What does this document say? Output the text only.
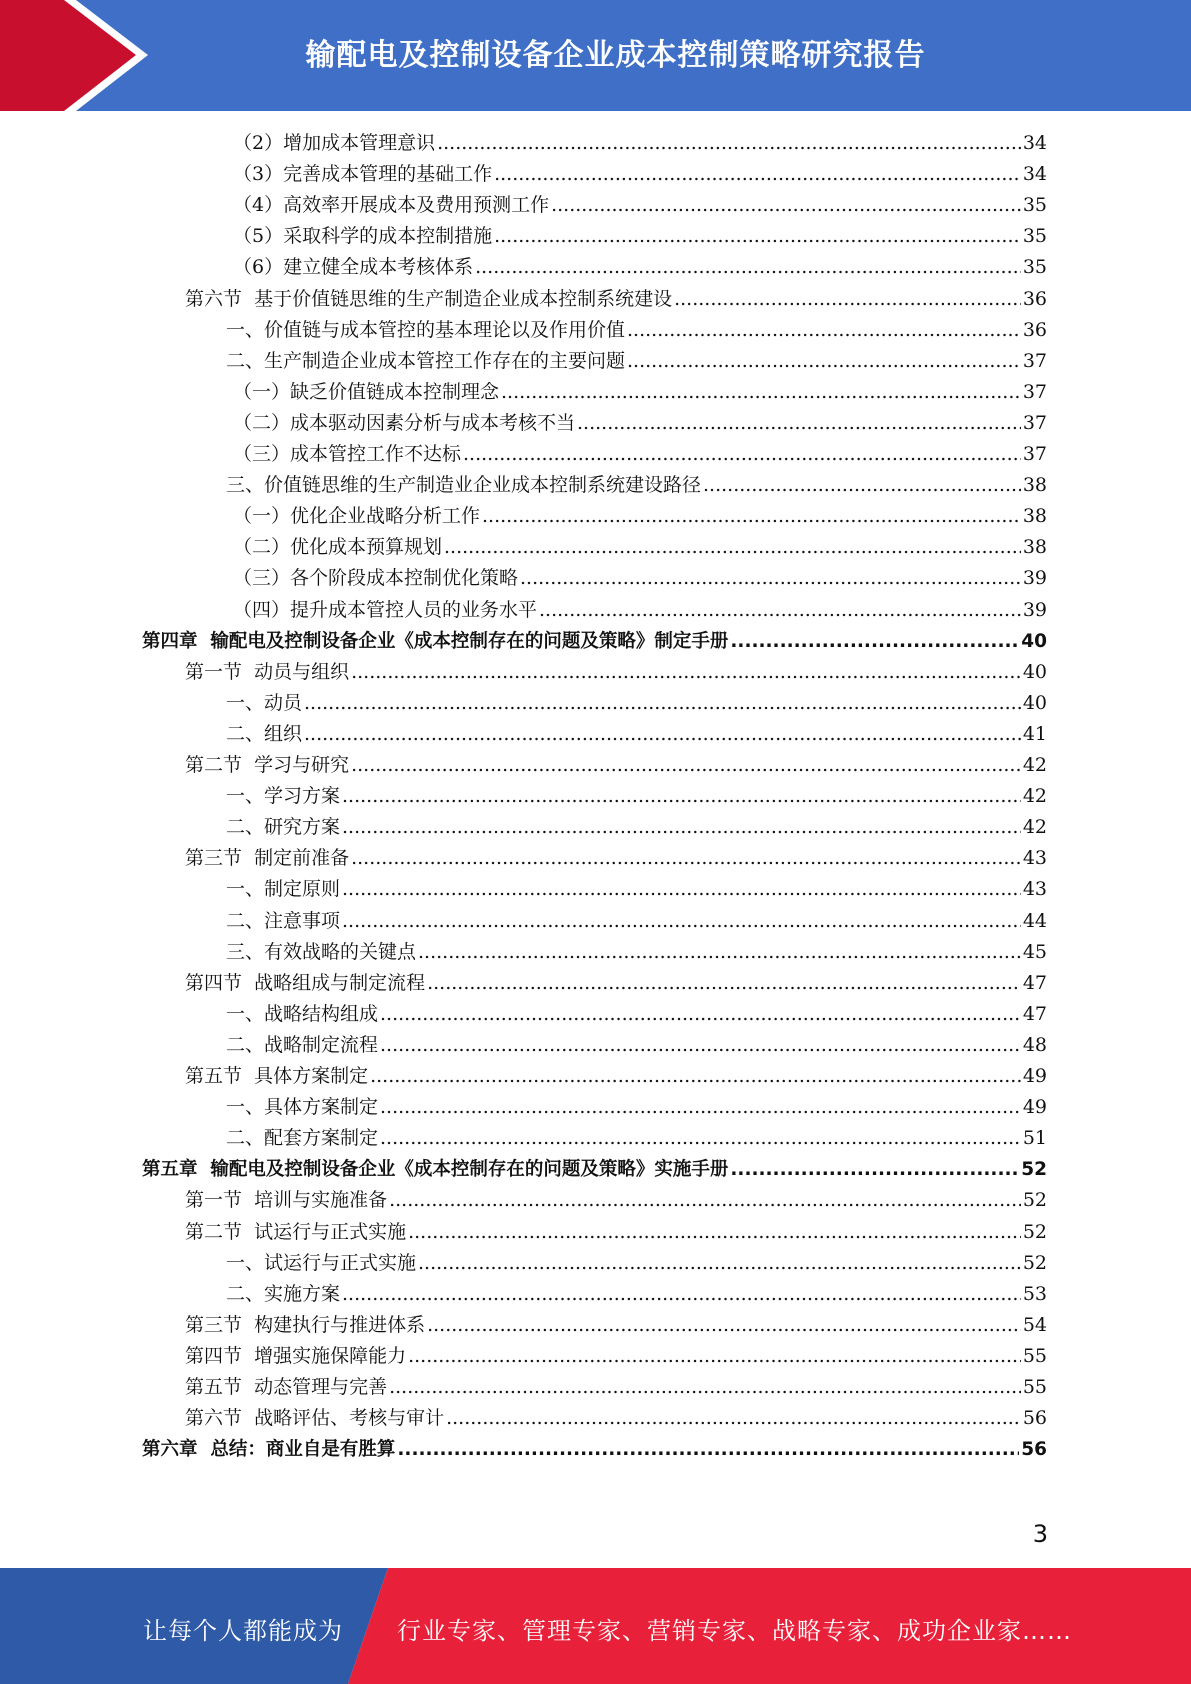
输配电及控制设备企业成本控制策略研究报告
（2）增加成本管理意识 .....	34
（3）完善成本管理的基础工作 .....	34
（4）高效率开展成本及费用预测工作 .....	35
（5）采取科学的成本控制措施 .....	35
（6）建立健全成本考核体系 .....	35
第六节  基于价值链思维的生产制造企业成本控制系统建设 .....	36
一、价值链与成本管控的基本理论以及作用价值 .....	36
二、生产制造企业成本管控工作存在的主要问题 .....	37
（一）缺乏价值链成本控制理念 .....	37
（二）成本驱动因素分析与成本考核不当 .....	37
（三）成本管控工作不达标 .....	37
三、价值链思维的生产制造业企业成本控制系统建设路径 .....	38
（一）优化企业战略分析工作 .....	38
（二）优化成本预算规划 .....	38
（三）各个阶段成本控制优化策略 .....	39
（四）提升成本管控人员的业务水平 .....	39
第四章  输配电及控制设备企业《成本控制存在的问题及策略》制定手册 .....	40
第一节  动员与组织 .....	40
一、动员 .....	40
二、组织 .....	41
第二节  学习与研究 .....	42
一、学习方案 .....	42
二、研究方案 .....	42
第三节  制定前准备 .....	43
一、制定原则 .....	43
二、注意事项 .....	44
三、有效战略的关键点 .....	45
第四节  战略组成与制定流程 .....	47
一、战略结构组成 .....	47
二、战略制定流程 .....	48
第五节  具体方案制定 .....	49
一、具体方案制定 .....	49
二、配套方案制定 .....	51
第五章  输配电及控制设备企业《成本控制存在的问题及策略》实施手册 .....	52
第一节  培训与实施准备 .....	52
第二节  试运行与正式实施 .....	52
一、试运行与正式实施 .....	52
二、实施方案 .....	53
第三节  构建执行与推进体系 .....	54
第四节  增强实施保障能力 .....	55
第五节  动态管理与完善 .....	55
第六节  战略评估、考核与审计 .....	56
第六章  总结：商业自是有胜算 .....	56
3
让每个人都能成为 行业专家、管理专家、营销专家、战略专家、成功企业家……
